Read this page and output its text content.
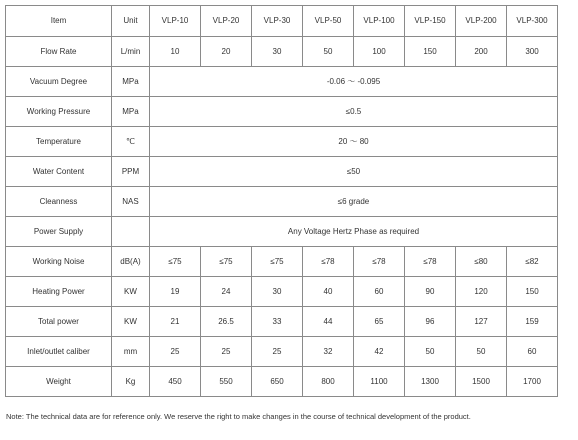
Item	Unit	VLP-10	VLP-20	VLP-30	VLP-50	VLP-100	VLP-150	VLP-200	VLP-300
Flow Rate	L/min	10	20	30	50	100	150	200	300
Vacuum Degree	MPa	-0.06 ～ -0.095							
Working Pressure	MPa	≤0.5							
Temperature	℃	20 ～ 80							
Water Content	PPM	≤50							
Cleanness	NAS	≤6 grade							
Power Supply		Any Voltage Hertz Phase as required							
Working Noise	dB(A)	≤75	≤75	≤75	≤78	≤78	≤78	≤80	≤82
Heating Power	KW	19	24	30	40	60	90	120	150
Total power	KW	21	26.5	33	44	65	96	127	159
Inlet/outlet caliber	mm	25	25	25	32	42	50	50	60
Weight	Kg	450	550	650	800	1100	1300	1500	1700
Note: The technical data are for reference only. We reserve the right to make changes in the course of technical development of the product.
